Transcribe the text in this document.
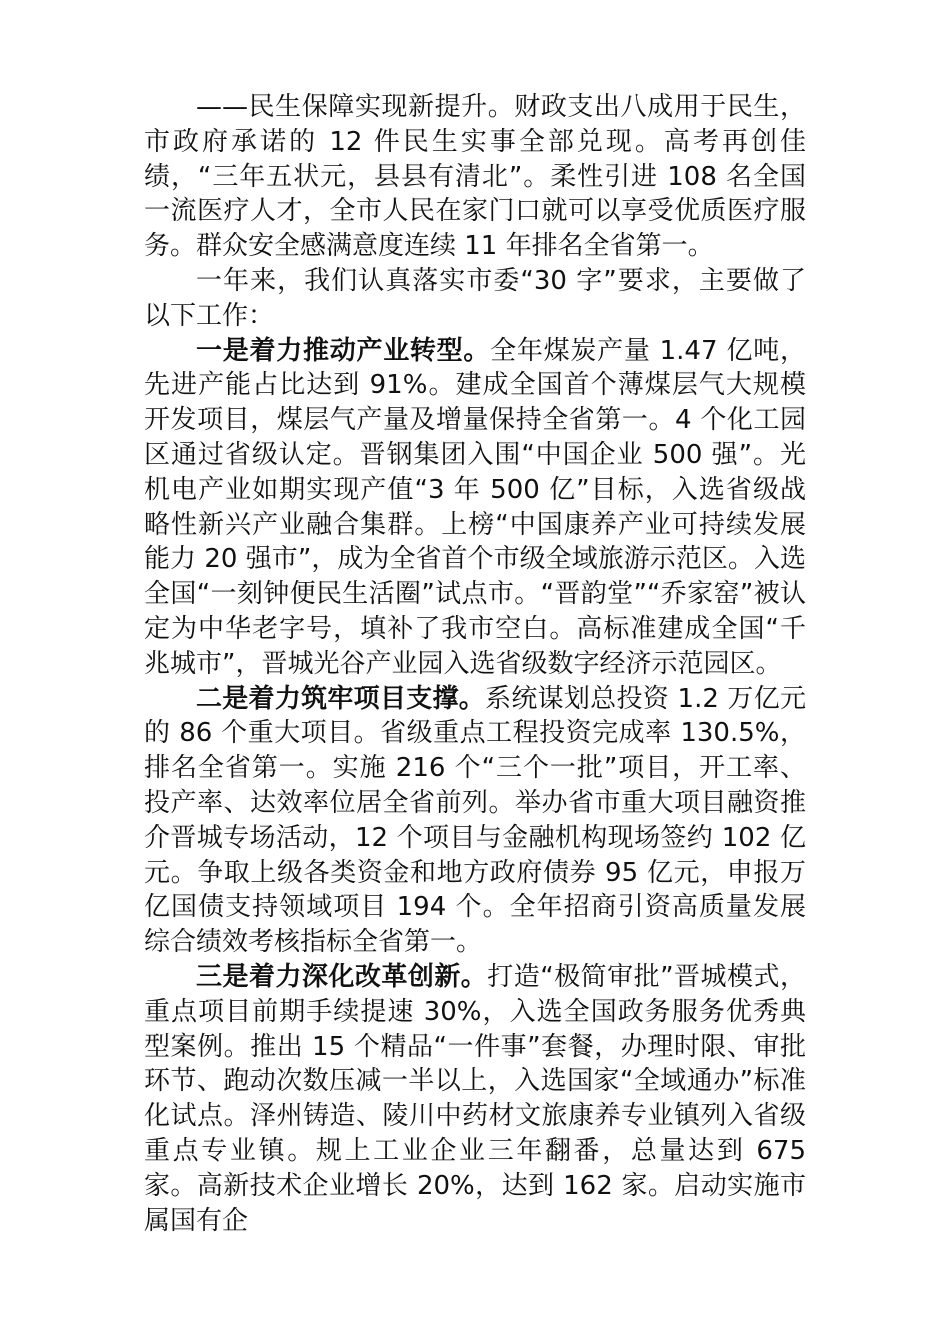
——民生保障实现新提升。财政支出八成用于民生，市政府承诺的 12 件民生实事全部兑现。高考再创佳绩，“三年五状元，县县有清北”。柔性引进 108 名全国一流医疗人才，全市人民在家门口就可以享受优质医疗服务。群众安全感满意度连续 11 年排名全省第一。

一年来，我们认真落实市委“30 字”要求，主要做了以下工作：

一是着力推动产业转型。全年煤炭产量 1.47 亿吨，先进产能占比达到 91%。建成全国首个薄煤层气大规模开发项目，煤层气产量及增量保持全省第一。4 个化工园区通过省级认定。晋钢集团入围“中国企业 500 强”。光机电产业如期实现产值“3 年 500 亿”目标，入选省级战略性新兴产业融合集群。上榜“中国康养产业可持续发展能力 20 强市”，成为全省首个市级全域旅游示范区。入选全国“一刻钟便民生活圈”试点市。“晋韵堂”“乔家窑”被认定为中华老字号，填补了我市空白。高标准建成全国“千兆城市”，晋城光谷产业园入选省级数字经济示范园区。

二是着力筑牢项目支撑。系统谋划总投资 1.2 万亿元的 86 个重大项目。省级重点工程投资完成率 130.5%，排名全省第一。实施 216 个“三个一批”项目，开工率、投产率、达效率位居全省前列。举办省市重大项目融资推介晋城专场活动，12 个项目与金融机构现场签约 102 亿元。争取上级各类资金和地方政府债券 95 亿元，申报万亿国债支持领域项目 194 个。全年招商引资高质量发展综合绩效考核指标全省第一。

三是着力深化改革创新。打造“极简审批”晋城模式，重点项目前期手续提速 30%，入选全国政务服务优秀典型案例。推出 15 个精品“一件事”套餐，办理时限、审批环节、跑动次数压减一半以上，入选国家“全域通办”标准化试点。泽州铸造、陵川中药材文旅康养专业镇列入省级重点专业镇。规上工业企业三年翻番，总量达到 675 家。高新技术企业增长 20%，达到 162 家。启动实施市属国有企
